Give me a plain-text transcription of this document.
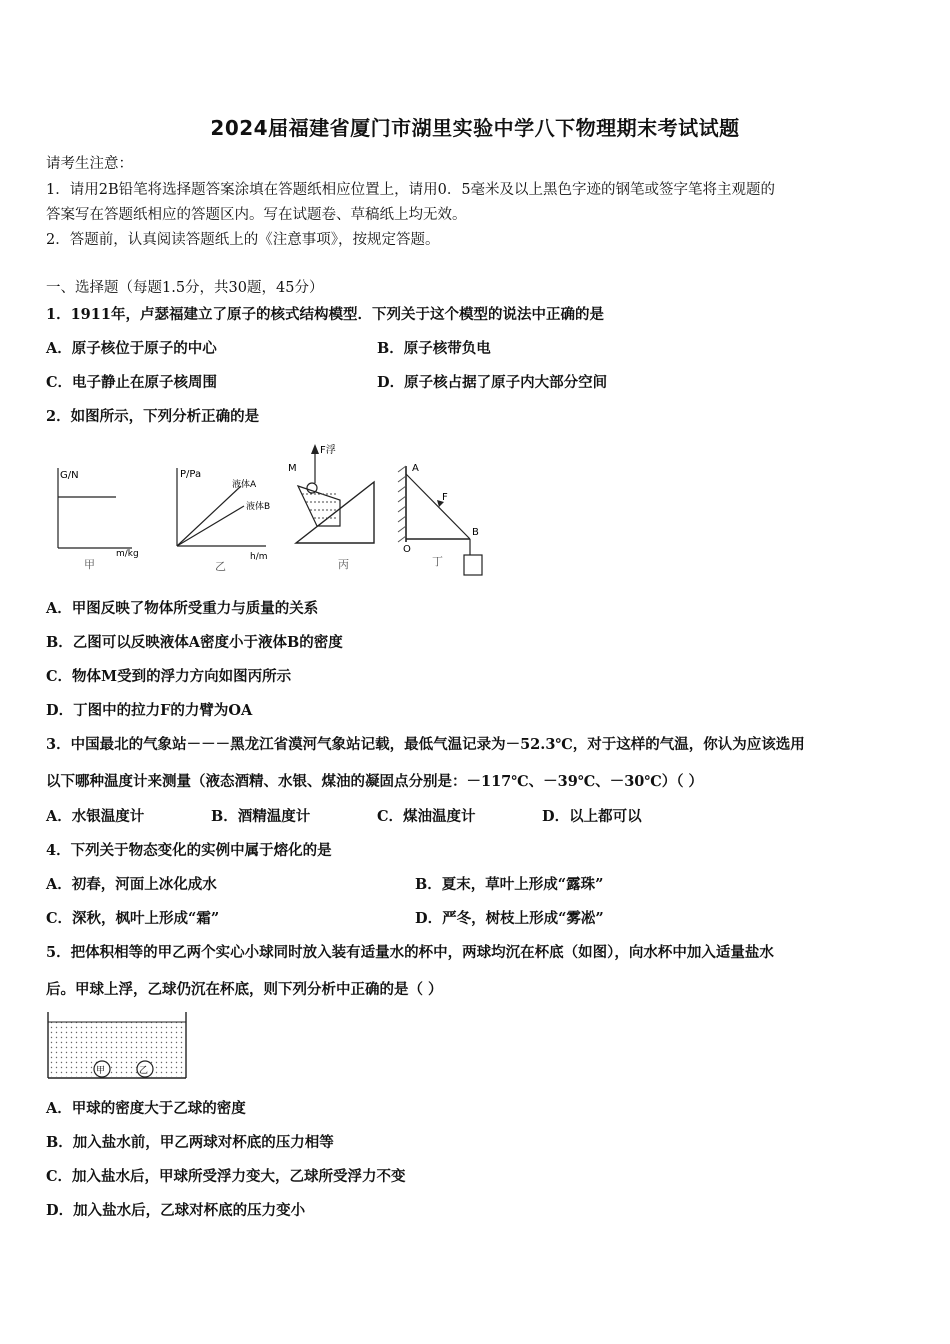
2024届福建省厦门市湖里实验中学八下物理期末考试试题
请考生注意：
1．请用2B铅笔将选择题答案涂填在答题纸相应位置上，请用0．5毫米及以上黑色字迹的钢笔或签字笔将主观题的
答案写在答题纸相应的答题区内。写在试题卷、草稿纸上均无效。
2．答题前，认真阅读答题纸上的《注意事项》，按规定答题。
一、选择题（每题1.5分，共30题，45分）
1．1911年，卢瑟福建立了原子的核式结构模型．下列关于这个模型的说法中正确的是
A．原子核位于原子的中心	B．原子核带负电
C．电子静止在原子核周围	D．原子核占据了原子内大部分空间
2．如图所示，下列分析正确的是
G/N
m/kg
甲
P/Pa
液体A
液体B
h/m
乙
F浮
M
丙
A
F
B
O
丁
A．甲图反映了物体所受重力与质量的关系
B．乙图可以反映液体A密度小于液体B的密度
C．物体M受到的浮力方向如图丙所示
D．丁图中的拉力F的力臂为OA
3．中国最北的气象站－－－黑龙江省漠河气象站记载，最低气温记录为－52.3℃，对于这样的气温，你认为应该选用
以下哪种温度计来测量（液态酒精、水银、煤油的凝固点分别是：－117℃、－39℃、－30℃）（ ）
A．水银温度计	B．酒精温度计	C．煤油温度计	D．以上都可以
4．下列关于物态变化的实例中属于熔化的是
A．初春，河面上冰化成水	B．夏末，草叶上形成“露珠”
C．深秋，枫叶上形成“霜”	D．严冬，树枝上形成“雾凇”
5．把体积相等的甲乙两个实心小球同时放入装有适量水的杯中，两球均沉在杯底（如图），向水杯中加入适量盐水
后。甲球上浮，乙球仍沉在杯底，则下列分析中正确的是（ ）
甲	乙
A．甲球的密度大于乙球的密度
B．加入盐水前，甲乙两球对杯底的压力相等
C．加入盐水后，甲球所受浮力变大，乙球所受浮力不变
D．加入盐水后，乙球对杯底的压力变小
